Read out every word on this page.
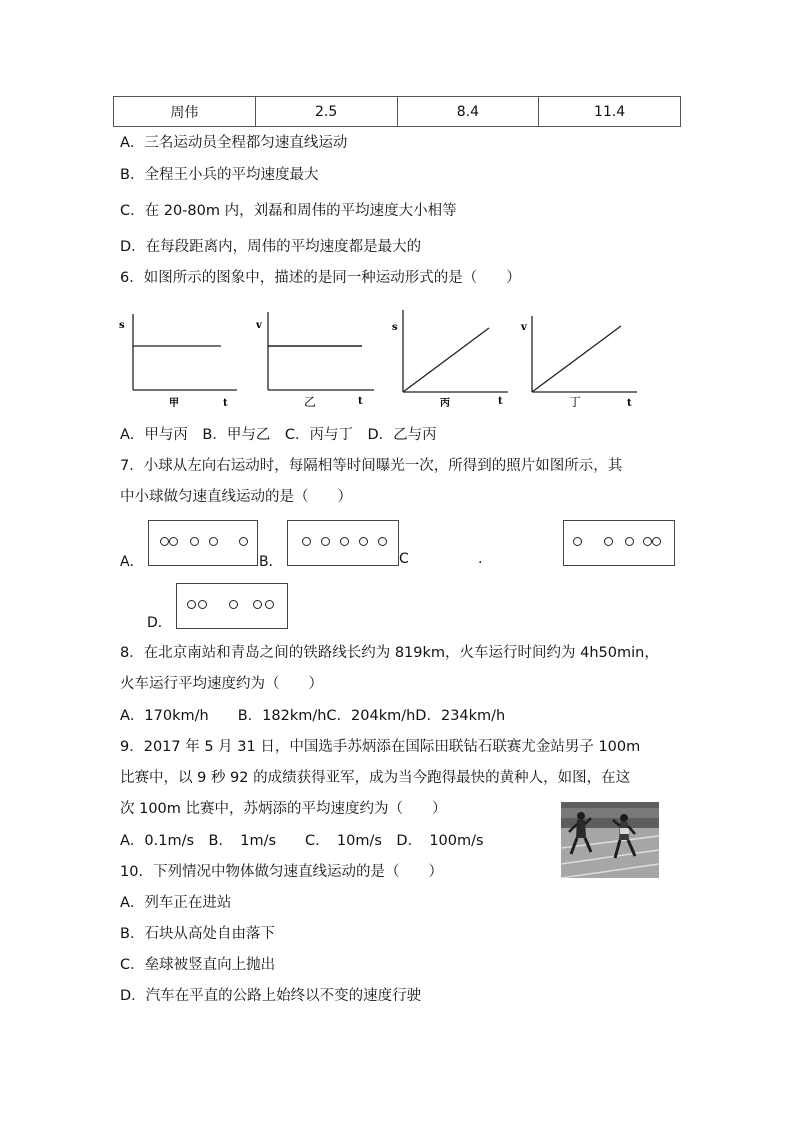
周伟	2.5	8.4	11.4
A．三名运动员全程都匀速直线运动
B．全程王小兵的平均速度最大
C．在 20-80m 内，刘磊和周伟的平均速度大小相等
D．在每段距离内，周伟的平均速度都是最大的
6．如图所示的图象中，描述的是同一种运动形式的是（　　）
s
t
甲
v
t
乙
s
t
丙
v
t
丁
A．甲与丙　B．甲与乙　C．丙与丁　D．乙与丙
7．小球从左向右运动时，每隔相等时间曝光一次，所得到的照片如图所示，其
中小球做匀速直线运动的是（　　）
A．	B．	C	.
D．
8．在北京南站和青岛之间的铁路线长约为 819km，火车运行时间约为 4h50min，
火车运行平均速度约为（　　）
A．170km/h　　B．182km/hC．204km/hD．234km/h
9．2017 年 5 月 31 日，中国选手苏炳添在国际田联钻石联赛尤金站男子 100m
比赛中，以 9 秒 92 的成绩获得亚军，成为当今跑得最快的黄种人，如图，在这
次 100m 比赛中，苏炳添的平均速度约为（　　）
A．0.1m/s　B．　1m/s　　C．　10m/s　D．　100m/s
10．下列情况中物体做匀速直线运动的是（　　）
A．列车正在进站
B．石块从高处自由落下
C．垒球被竖直向上抛出
D．汽车在平直的公路上始终以不变的速度行驶
